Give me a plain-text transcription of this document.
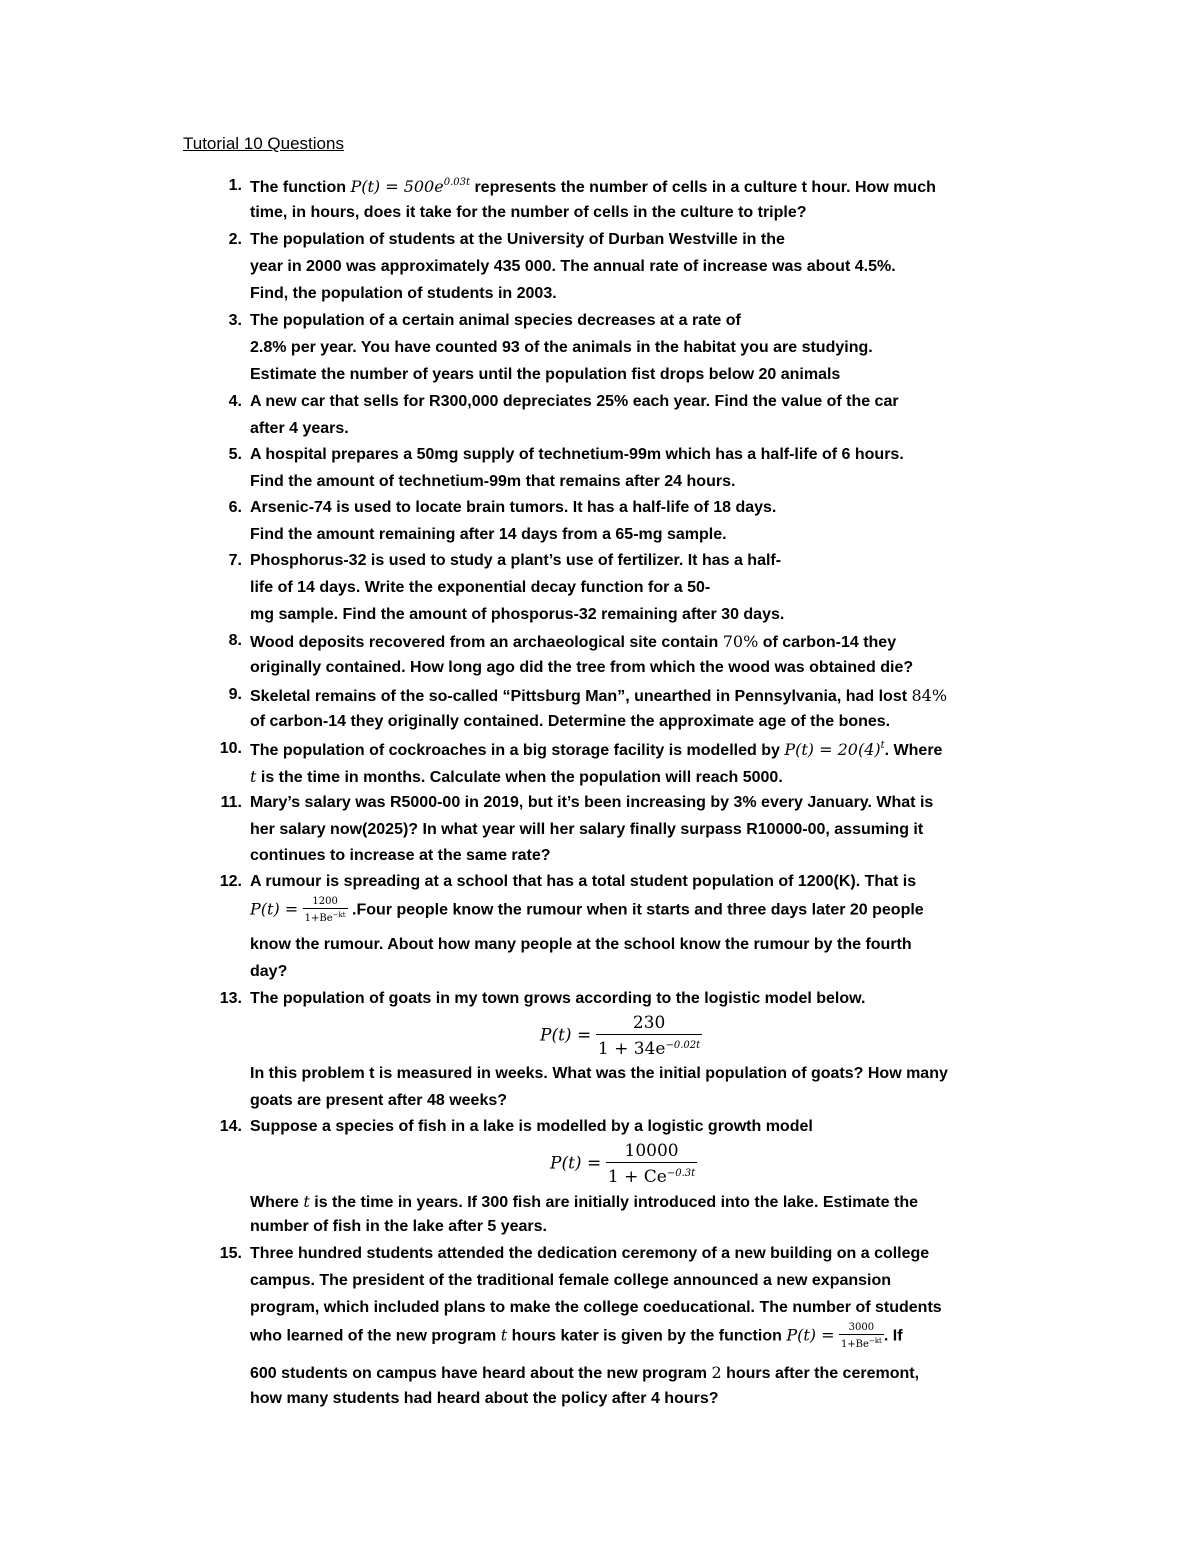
Tutorial 10 Questions
1. The function $P(t) = 500e^{0.03t}$ represents the number of cells in a culture t hour. How much
time, in hours, does it take for the number of cells in the culture to triple?
2. The population of students at the University of Durban Westville in the
year in 2000 was approximately 435 000. The annual rate of increase was about 4.5%.
Find, the population of students in 2003.
3. The population of a certain animal species decreases at a rate of
2.8% per year. You have counted 93 of the animals in the habitat you are studying.
Estimate the number of years until the population fist drops below 20 animals
4. A new car that sells for R300,000 depreciates 25% each year. Find the value of the car
after 4 years.
5. A hospital prepares a 50mg supply of technetium-99m which has a half-life of 6 hours.
Find the amount of technetium-99m that remains after 24 hours.
6. Arsenic-74 is used to locate brain tumors. It has a half-life of 18 days.
Find the amount remaining after 14 days from a 65-mg sample.
7. Phosphorus-32 is used to study a plant’s use of fertilizer. It has a half-
life of 14 days. Write the exponential decay function for a 50-
mg sample. Find the amount of phosporus-32 remaining after 30 days.
8. Wood deposits recovered from an archaeological site contain 70% of carbon-14 they
originally contained. How long ago did the tree from which the wood was obtained die?
9. Skeletal remains of the so-called “Pittsburg Man”, unearthed in Pennsylvania, had lost 84%
of carbon-14 they originally contained. Determine the approximate age of the bones.
10. The population of cockroaches in a big storage facility is modelled by $P(t) = 20(4)^t$. Where
t is the time in months. Calculate when the population will reach 5000.
11. Mary’s salary was R5000-00 in 2019, but it’s been increasing by 3% every January. What is
her salary now(2025)? In what year will her salary finally surpass R10000-00, assuming it
continues to increase at the same rate?
12. A rumour is spreading at a school that has a total student population of 1200(K). That is
$P(t) = \frac{1200}{1+Be^{-kt}}$ .Four people know the rumour when it starts and three days later 20 people
know the rumour. About how many people at the school know the rumour by the fourth
day?
13. The population of goats in my town grows according to the logistic model below.
$P(t) = \frac{230}{1 + 34e^{-0.02t}}$
In this problem t is measured in weeks. What was the initial population of goats? How many
goats are present after 48 weeks?
14. Suppose a species of fish in a lake is modelled by a logistic growth model
$P(t) = \frac{10000}{1 + Ce^{-0.3t}}$
Where t is the time in years. If 300 fish are initially introduced into the lake. Estimate the
number of fish in the lake after 5 years.
15. Three hundred students attended the dedication ceremony of a new building on a college
campus. The president of the traditional female college announced a new expansion
program, which included plans to make the college coeducational. The number of students
who learned of the new program t hours kater is given by the function $P(t) = \frac{3000}{1+Be^{-kt}}$ . If
600 students on campus have heard about the new program 2 hours after the ceremont,
how many students had heard about the policy after 4 hours?
